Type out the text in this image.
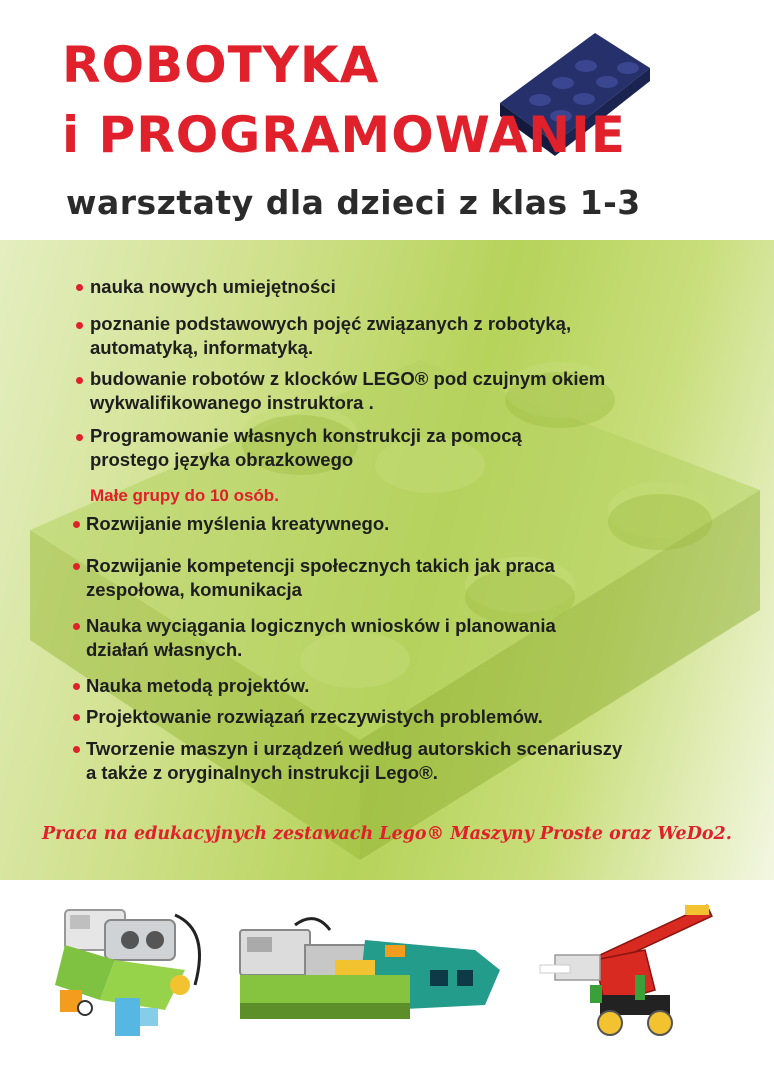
ROBOTYKA
i PROGRAMOWANIE

warsztaty dla dzieci z klas 1-3

nauka nowych umiejętności

poznanie podstawowych pojęć związanych z robotyką,
automatyką, informatyką.

budowanie robotów z klocków LEGO® pod czujnym okiem
wykwalifikowanego instruktora .

Programowanie własnych konstrukcji za pomocą
prostego języka obrazkowego

Małe grupy do 10 osób.

Rozwijanie myślenia kreatywnego.

Rozwijanie kompetencji społecznych takich jak praca
zespołowa, komunikacja

Nauka wyciągania logicznych wniosków i planowania
działań własnych.

Nauka metodą projektów.

Projektowanie rozwiązań rzeczywistych problemów.

Tworzenie maszyn i urządzeń według autorskich scenariuszy
a także z oryginalnych instrukcji Lego®.

Praca na edukacyjnych zestawach Lego® Maszyny Proste oraz WeDo2.
